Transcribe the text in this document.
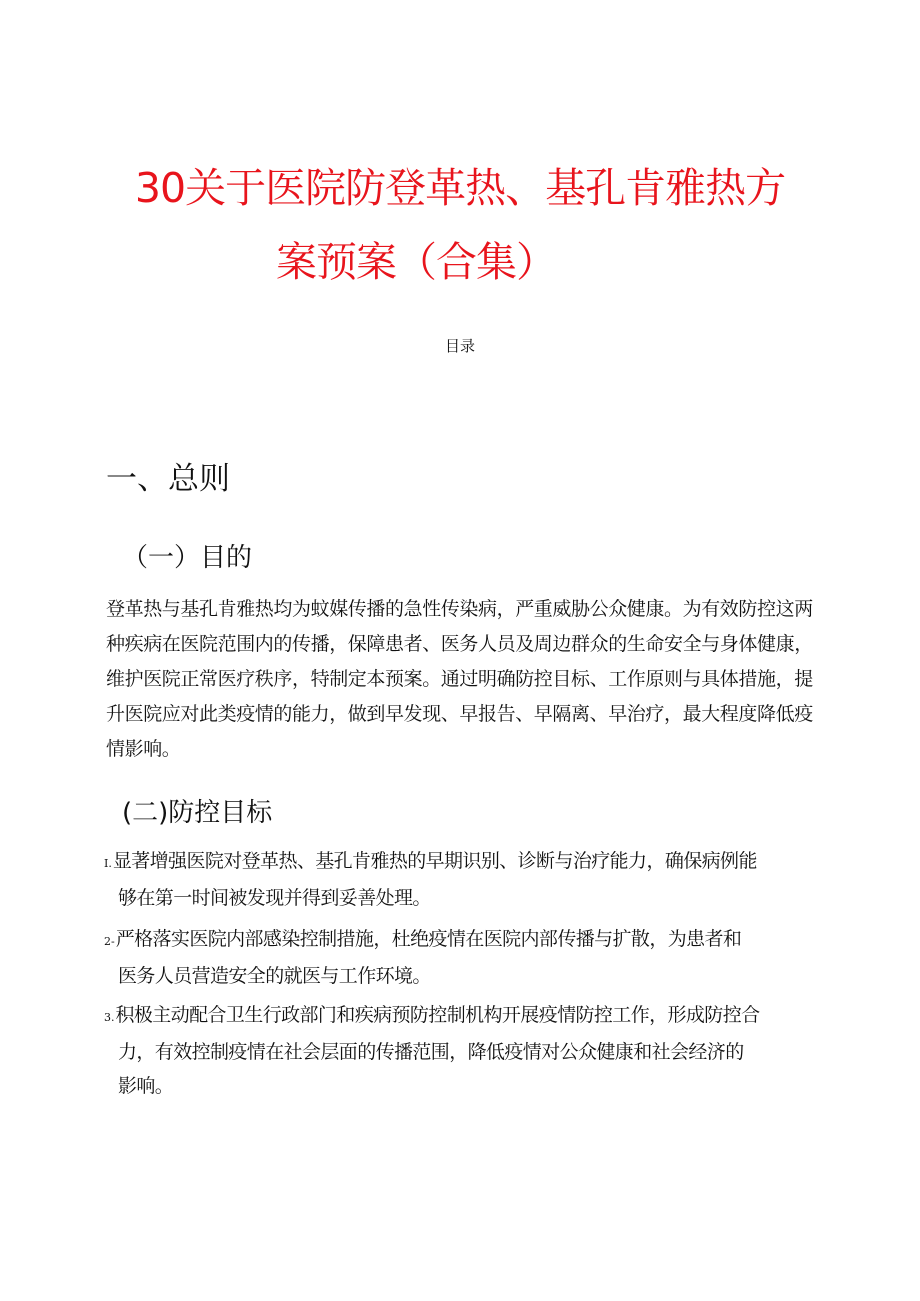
30关于医院防登革热、基孔肯雅热方
案预案（合集）
目录
一、总则
（一）目的
登革热与基孔肯雅热均为蚊媒传播的急性传染病，严重威胁公众健康。为有效防控这两种疾病在医院范围内的传播，保障患者、医务人员及周边群众的生命安全与身体健康，维护医院正常医疗秩序，特制定本预案。通过明确防控目标、工作原则与具体措施，提升医院应对此类疫情的能力，做到早发现、早报告、早隔离、早治疗，最大程度降低疫情影响。
(二)防控目标
I.显著增强医院对登革热、基孔肯雅热的早期识别、诊断与治疗能力，确保病例能
够在第一时间被发现并得到妥善处理。
2-严格落实医院内部感染控制措施，杜绝疫情在医院内部传播与扩散，为患者和
医务人员营造安全的就医与工作环境。
3.积极主动配合卫生行政部门和疾病预防控制机构开展疫情防控工作，形成防控合
力，有效控制疫情在社会层面的传播范围，降低疫情对公众健康和社会经济的
影响。
